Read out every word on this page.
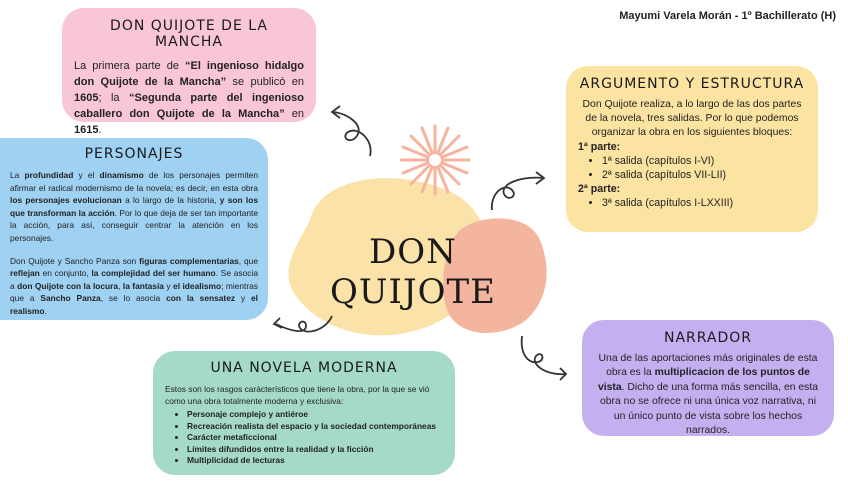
Mayumi Varela Morán - 1º Bachillerato (H)
DON
QUIJOTE
DON QUIJOTE DE LA MANCHA

La primera parte de “El ingenioso hidalgo don Quijote de la Mancha” se publicó en 1605; la “Segunda parte del ingenioso caballero don Quijote de la Mancha” en 1615.

PERSONAJES

La profundidad y el dinamismo de los personajes permiten afirmar el radical modernismo de la novela; es decir, en esta obra los personajes evolucionan a lo largo de la historia, y son los que transforman la acción. Por lo que deja de ser tan importante la acción, para así, conseguir centrar la atención en los personajes.

Don Quijote y Sancho Panza son figuras complementarias, que reflejan en conjunto, la complejidad del ser humano. Se asocia a don Quijote con la locura, la fantasía y el idealismo; mientras que a Sancho Panza, se lo asocia con la sensatez y el realismo.

ARGUMENTO Y ESTRUCTURA

Don Quijote realiza, a lo largo de las dos partes de la novela, tres salidas. Por lo que podemos organizar la obra en los siguientes bloques:

1ª parte:
• 1ª salida (capítulos I-VI)
• 2ª salida (capítulos VII-LII)
2ª parte:
• 3ª salida (capítulos I-LXXIII)
UNA NOVELA MODERNA

Estos son los rasgos carácterísticos que tiene la obra, por la que se vió como una obra totalmente moderna y exclusiva:

• Personaje complejo y antiéroe
• Recreación realista del espacio y la sociedad contemporáneas
• Carácter metaficcional
• Límites difundidos entre la realidad y la ficción
• Multiplicidad de lecturas
NARRADOR

Una de las aportaciones más originales de esta obra es la multiplicacion de los puntos de vista. Dicho de una forma más sencilla, en esta obra no se ofrece ni una única voz narrativa, ni un único punto de vista sobre los hechos narrados.
